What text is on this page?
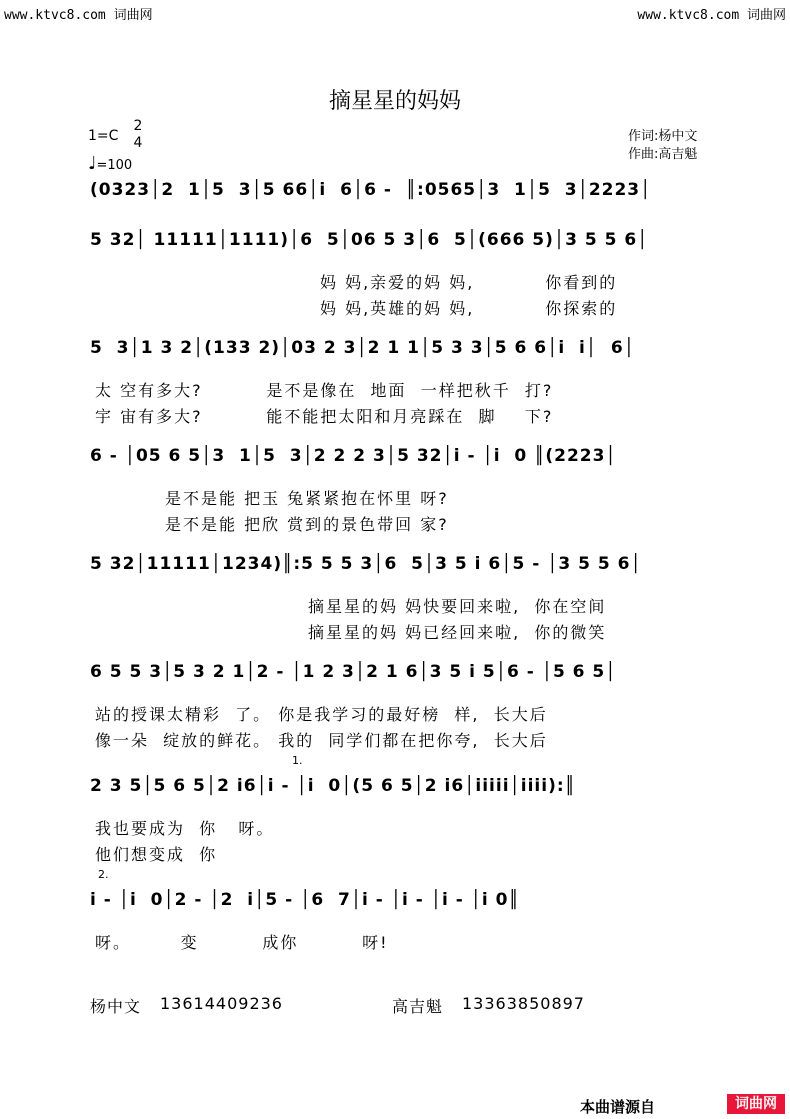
www.ktvc8.com 词曲网	www.ktvc8.com 词曲网
摘星星的妈妈
1=C
2
4
♩=100
作词:杨中文
作曲:高吉魁
(0323│2  1│5  3│5 66│i  6│6 -  ║:0565│3  1│5  3│2223│
5 32│ 11111│1111)│6  5│06 5 3│6  5│(666 5)│3 5 5 6│
妈 妈,亲爱的妈 妈,          你看到的
妈 妈,英雄的妈 妈,          你探索的
5  3│1 3 2│(133 2)│03 2 3│2 1 1│5 3 3│5 6 6│i  i│  6│
太 空有多大?         是不是像在  地面  一样把秋千  打?
宇 宙有多大?         能不能把太阳和月亮踩在  脚    下?
6 - │05 6 5│3  1│5  3│2 2 2 3│5 32│i - │i  0 ║(2223│
是不是能 把玉 兔紧紧抱在怀里 呀?
是不是能 把欣 赏到的景色带回 家?
5 32│11111│1234)║:5 5 5 3│6  5│3 5 i 6│5 - │3 5 5 6│
摘星星的妈 妈快要回来啦,  你在空间
摘星星的妈 妈已经回来啦,  你的微笑
6 5 5 3│5 3 2 1│2 - │1 2 3│2 1 6│3 5 i 5│6 - │5 6 5│
站的授课太精彩  了。 你是我学习的最好榜  样,  长大后
像一朵  绽放的鲜花。 我的  同学们都在把你夸,  长大后
1.
2 3 5│5 6 5│2 i6│i - │i  0│(5 6 5│2 i6│iiiii│iiii):║
我也要成为  你   呀。
他们想变成  你
2.
i - │i  0│2 - │2  i│5 - │6  7│i - │i - │i - │i 0║
呀。       变         成你         呀!
杨中文 13614409236	高吉魁 13363850897
本曲谱源自	词曲网
